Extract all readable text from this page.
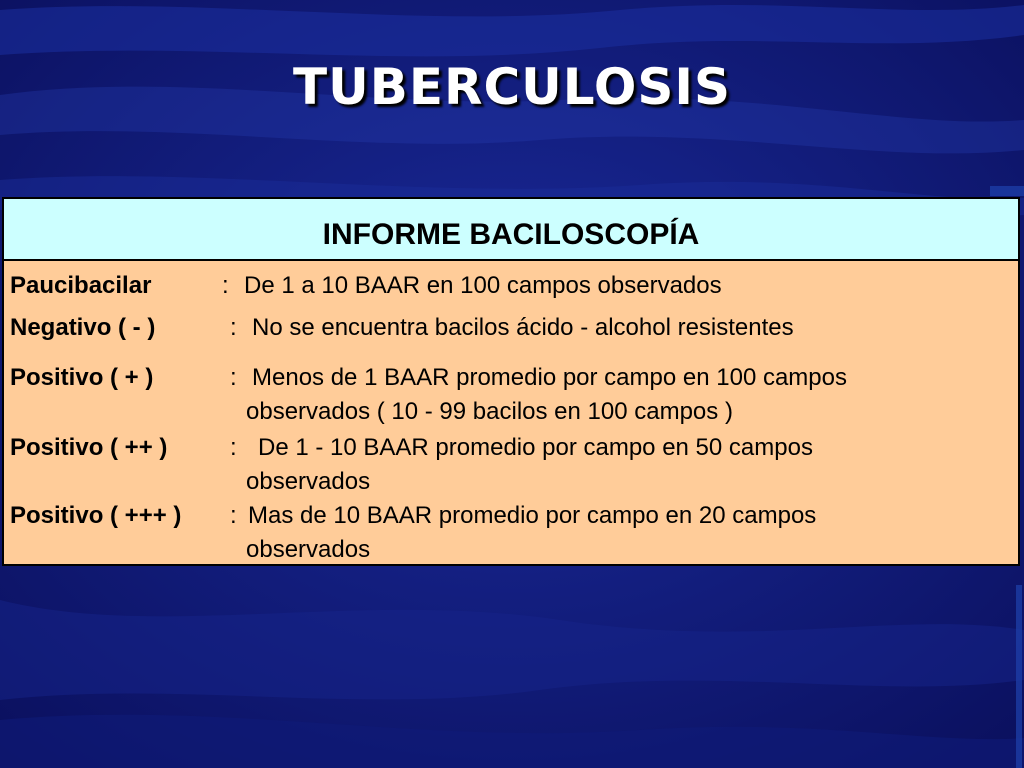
TUBERCULOSIS
INFORME BACILOSCOPÍA
Paucibacilar	: De 1 a 10 BAAR en 100 campos observados
Negativo ( - )	: No se encuentra bacilos ácido - alcohol resistentes
Positivo ( + )	: Menos de 1 BAAR promedio por campo en 100 campos
observados ( 10 - 99 bacilos en 100 campos )
Positivo ( ++ )	: De 1 - 10 BAAR promedio por campo en 50 campos
observados
Positivo ( +++ ) : Mas de 10 BAAR promedio por campo en 20 campos
observados
